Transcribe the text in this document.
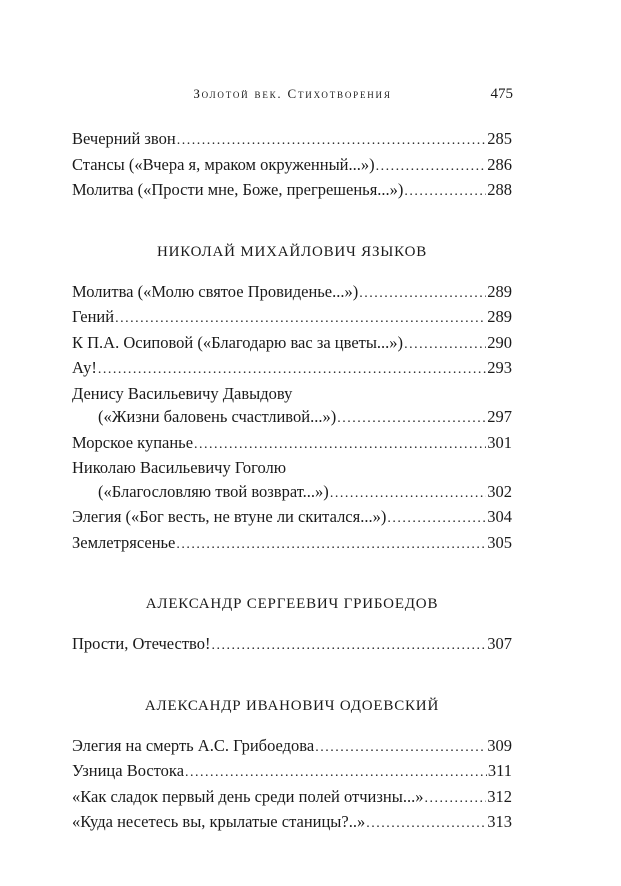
Золотой век. Стихотворения	475
Вечерний звон . . .	285
Стансы («Вчера я, мраком окруженный...») . . .	286
Молитва («Прости мне, Боже, прегрешенья...») . . .	288
НИКОЛАЙ МИХАЙЛОВИЧ ЯЗЫКОВ
Молитва («Молю святое Провиденье...») . . .	289
Гений . . .	289
К П.А. Осиповой («Благодарю вас за цветы...») . . .	290
Ау! . . .	293
Денису Васильевичу Давыдову
(«Жизни баловень счастливой...») . . .	297
Морское купанье . . .	301
Николаю Васильевичу Гоголю
(«Благословляю твой возврат...») . . .	302
Элегия («Бог весть, не втуне ли скитался...») . . .	304
Землетрясенье . . .	305
АЛЕКСАНДР СЕРГЕЕВИЧ ГРИБОЕДОВ
Прости, Отечество! . . .	307
АЛЕКСАНДР ИВАНОВИЧ ОДОЕВСКИЙ
Элегия на смерть А.С. Грибоедова . . .	309
Узница Востока . . .	311
«Как сладок первый день среди полей отчизны...» . . .	312
«Куда несетесь вы, крылатые станицы?..» . . .	313
